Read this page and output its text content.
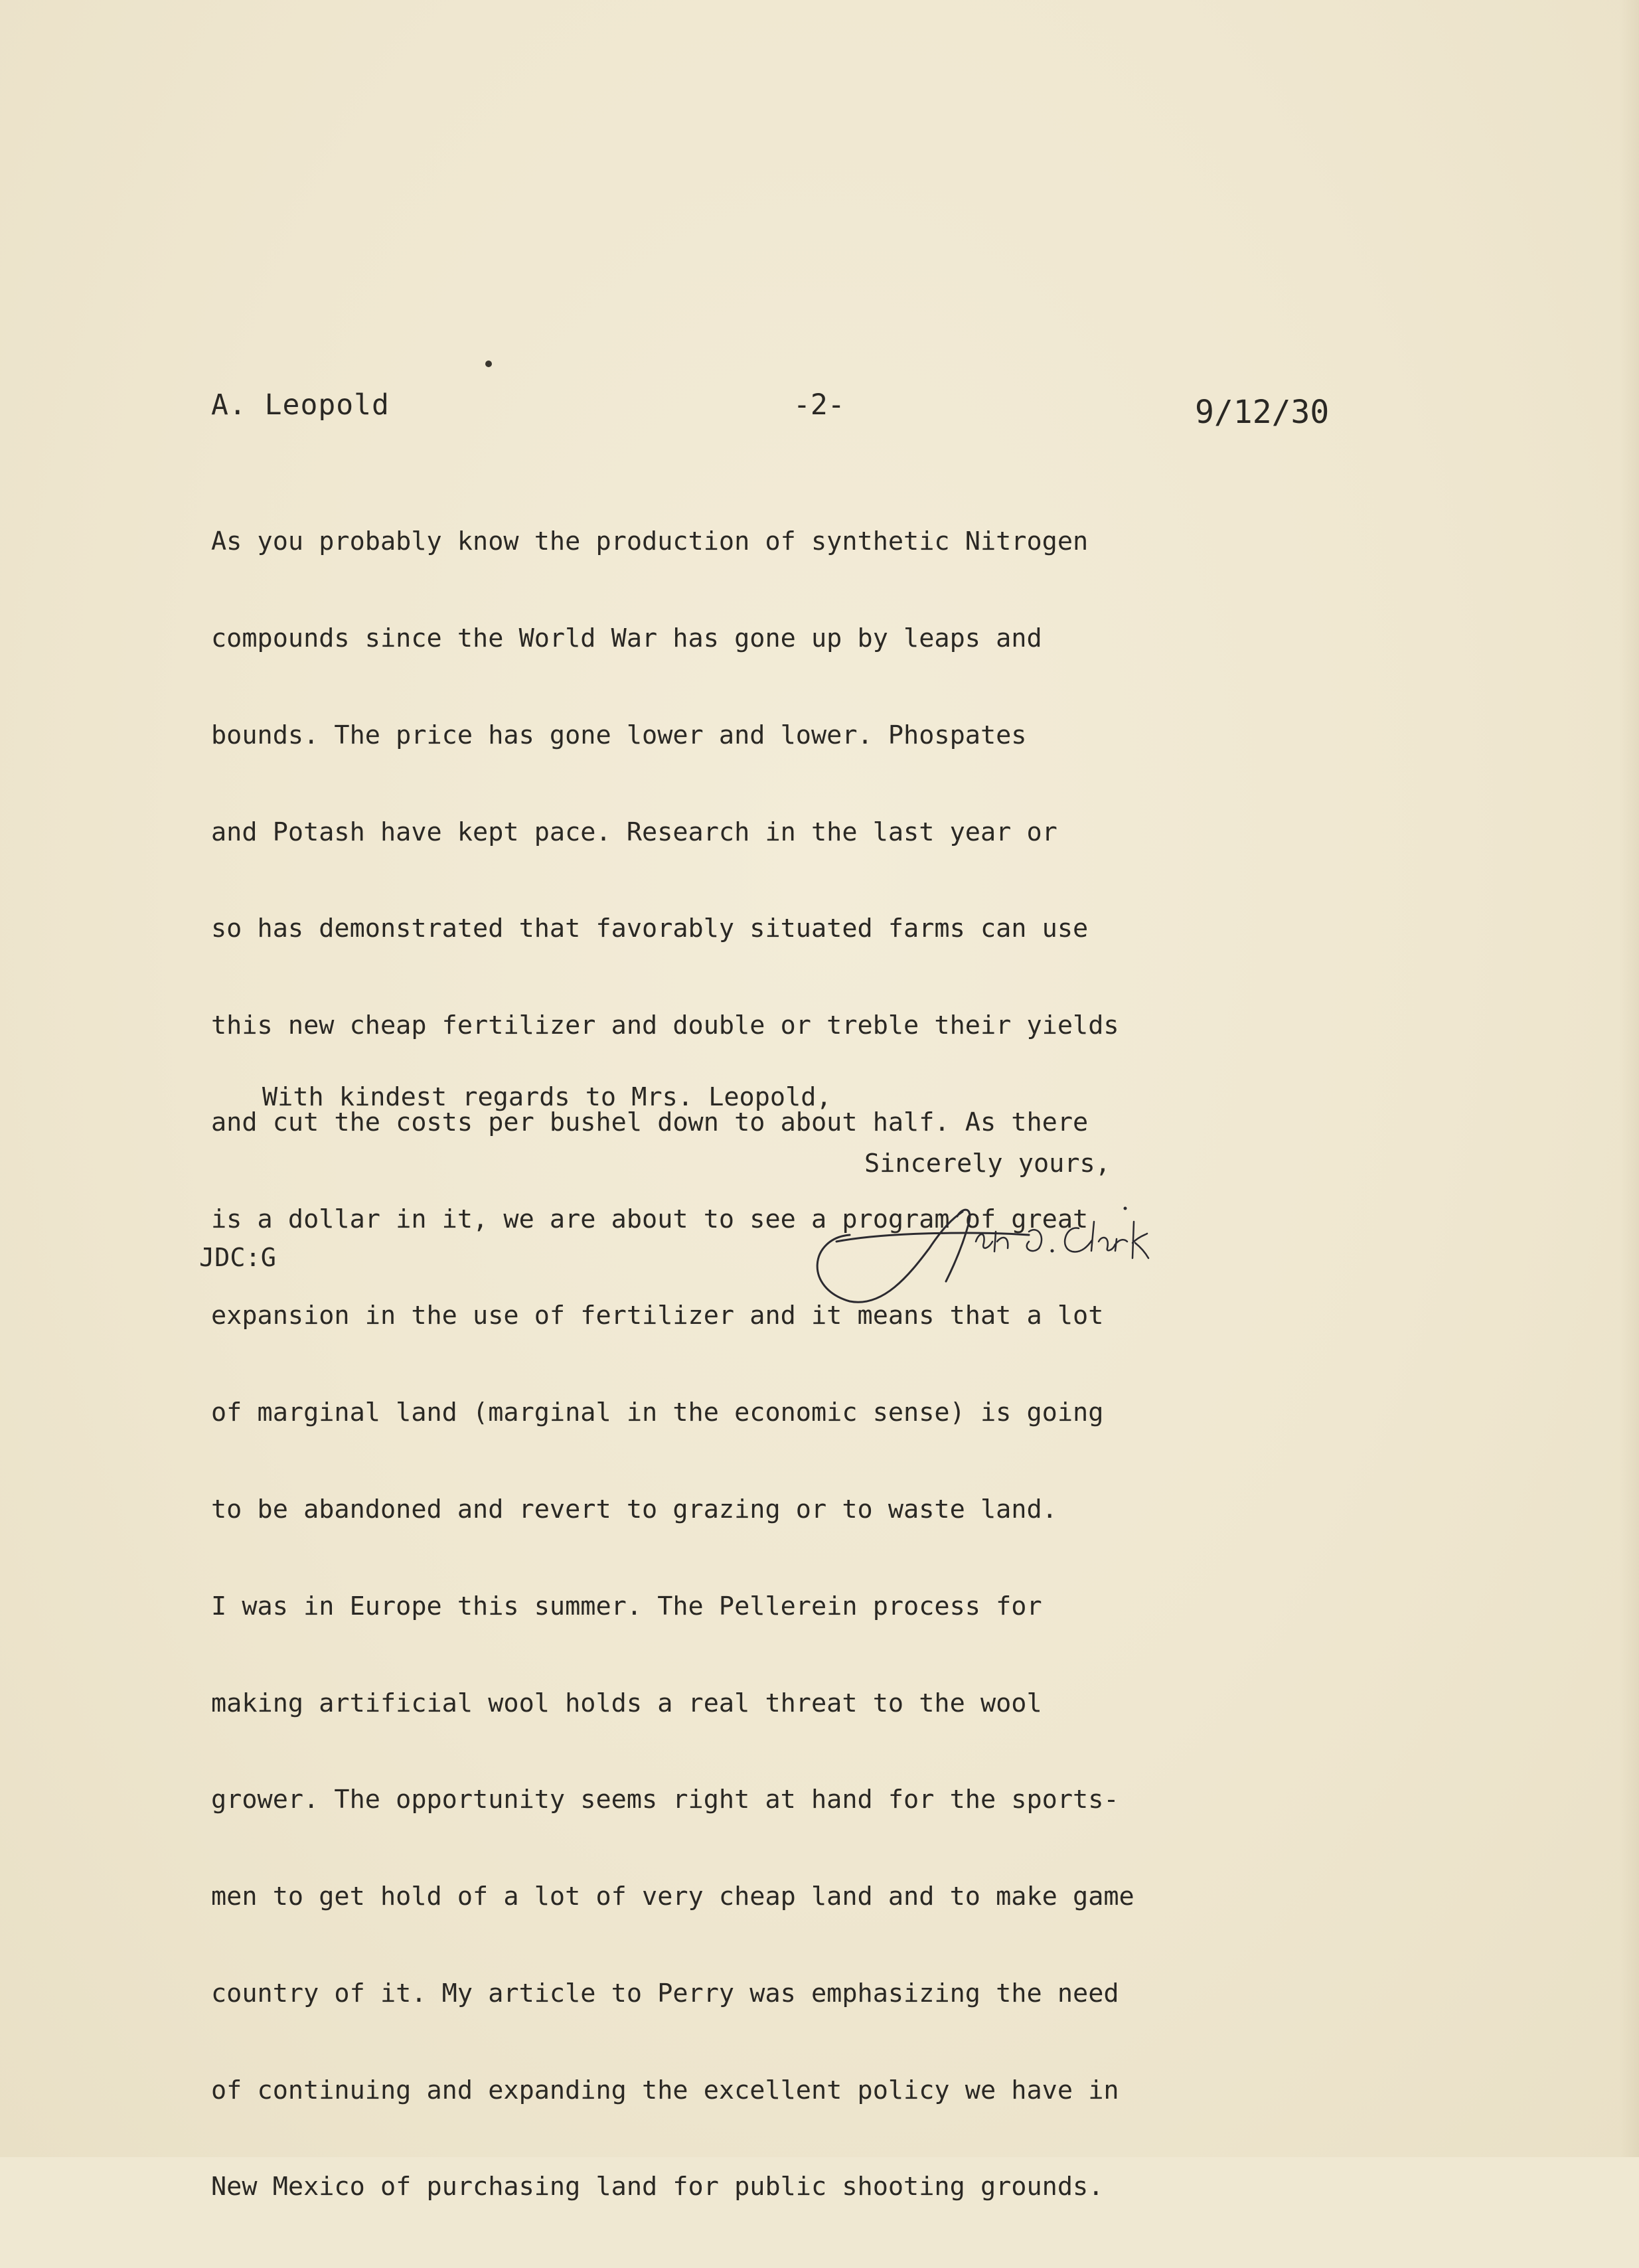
A. Leopold	-2-	9/12/30

As you probably know the production of synthetic Nitrogen

compounds since the World War has gone up by leaps and

bounds. The price has gone lower and lower. Phospates

and Potash have kept pace. Research in the last year or

so has demonstrated that favorably situated farms can use

this new cheap fertilizer and double or treble their yields

and cut the costs per bushel down to about half. As there

is a dollar in it, we are about to see a program of great

expansion in the use of fertilizer and it means that a lot

of marginal land (marginal in the economic sense) is going

to be abandoned and revert to grazing or to waste land.

I was in Europe this summer. The Pellerein process for

making artificial wool holds a real threat to the wool

grower. The opportunity seems right at hand for the sports-

men to get hold of a lot of very cheap land and to make game

country of it. My article to Perry was emphasizing the need

of continuing and expanding the excellent policy we have in

New Mexico of purchasing land for public shooting grounds.

With kindest regards to Mrs. Leopold,
Sincerely yours,
JDC:G
